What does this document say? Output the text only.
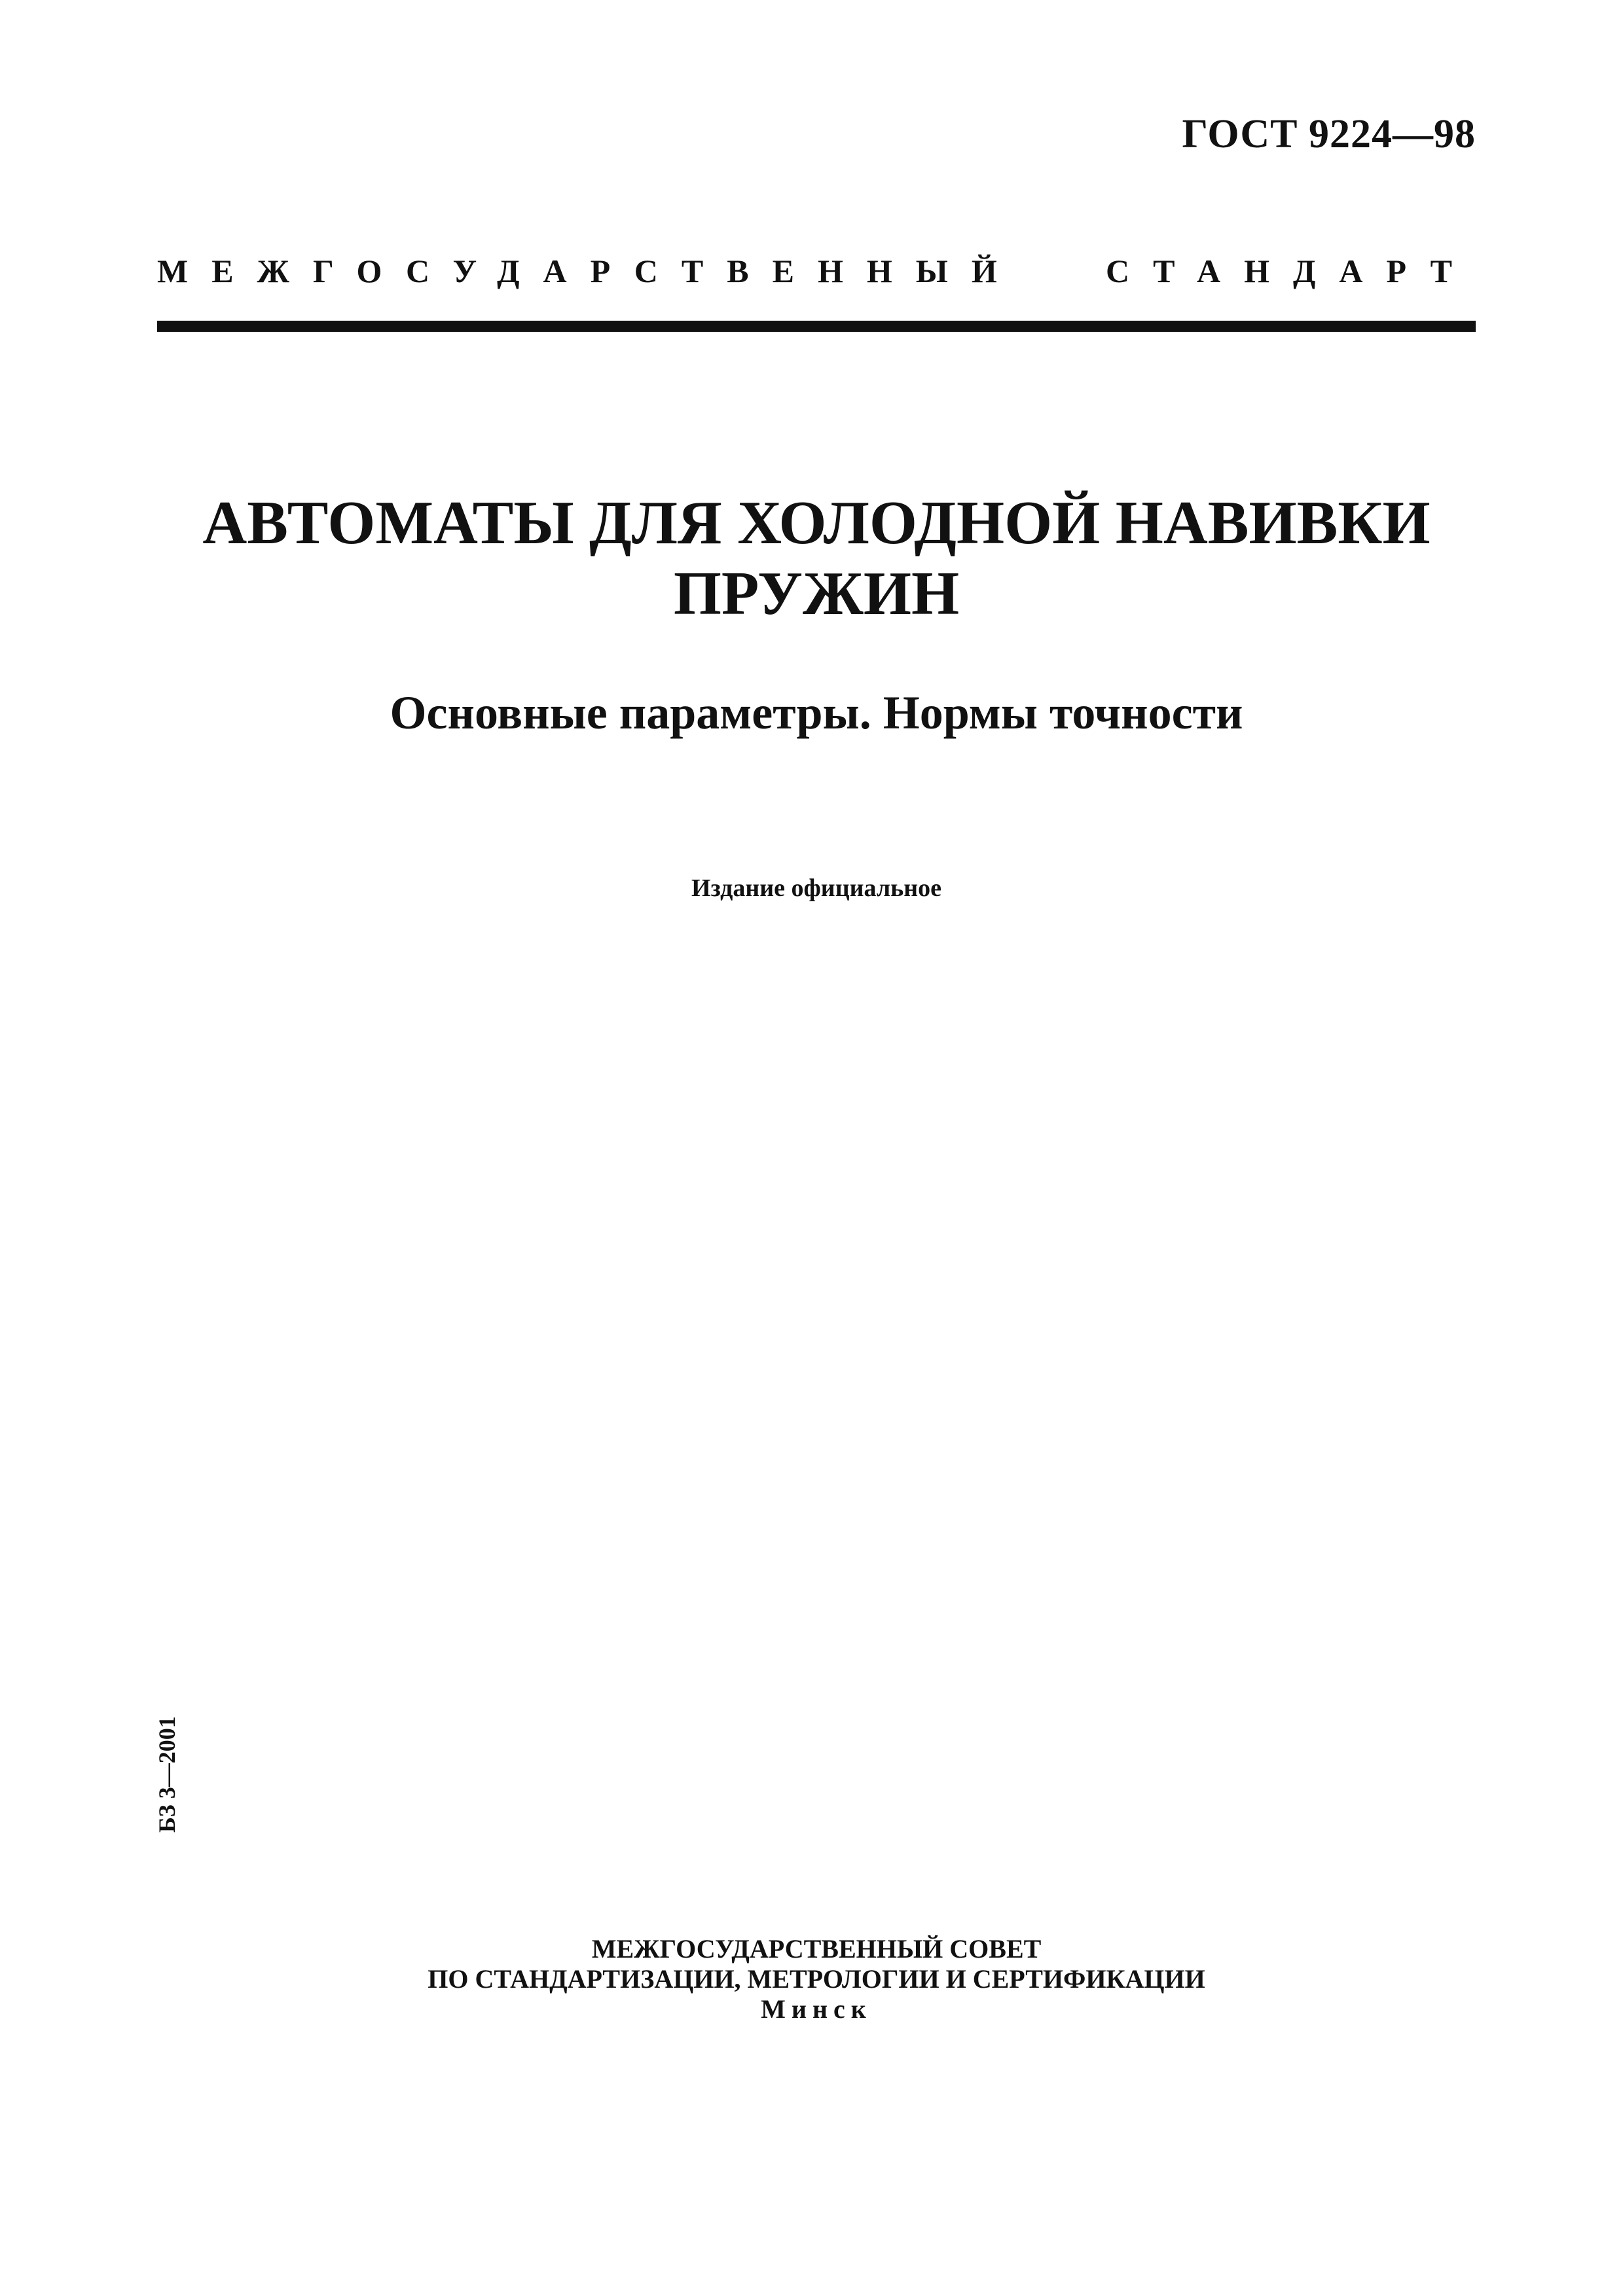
ГОСТ 9224—98
МЕЖГОСУДАРСТВЕННЫЙ СТАНДАРТ
АВТОМАТЫ ДЛЯ ХОЛОДНОЙ НАВИВКИ
ПРУЖИН
Основные параметры. Нормы точности
Издание официальное
БЗ 3—2001
МЕЖГОСУДАРСТВЕННЫЙ СОВЕТ
ПО СТАНДАРТИЗАЦИИ, МЕТРОЛОГИИ И СЕРТИФИКАЦИИ
Минск
